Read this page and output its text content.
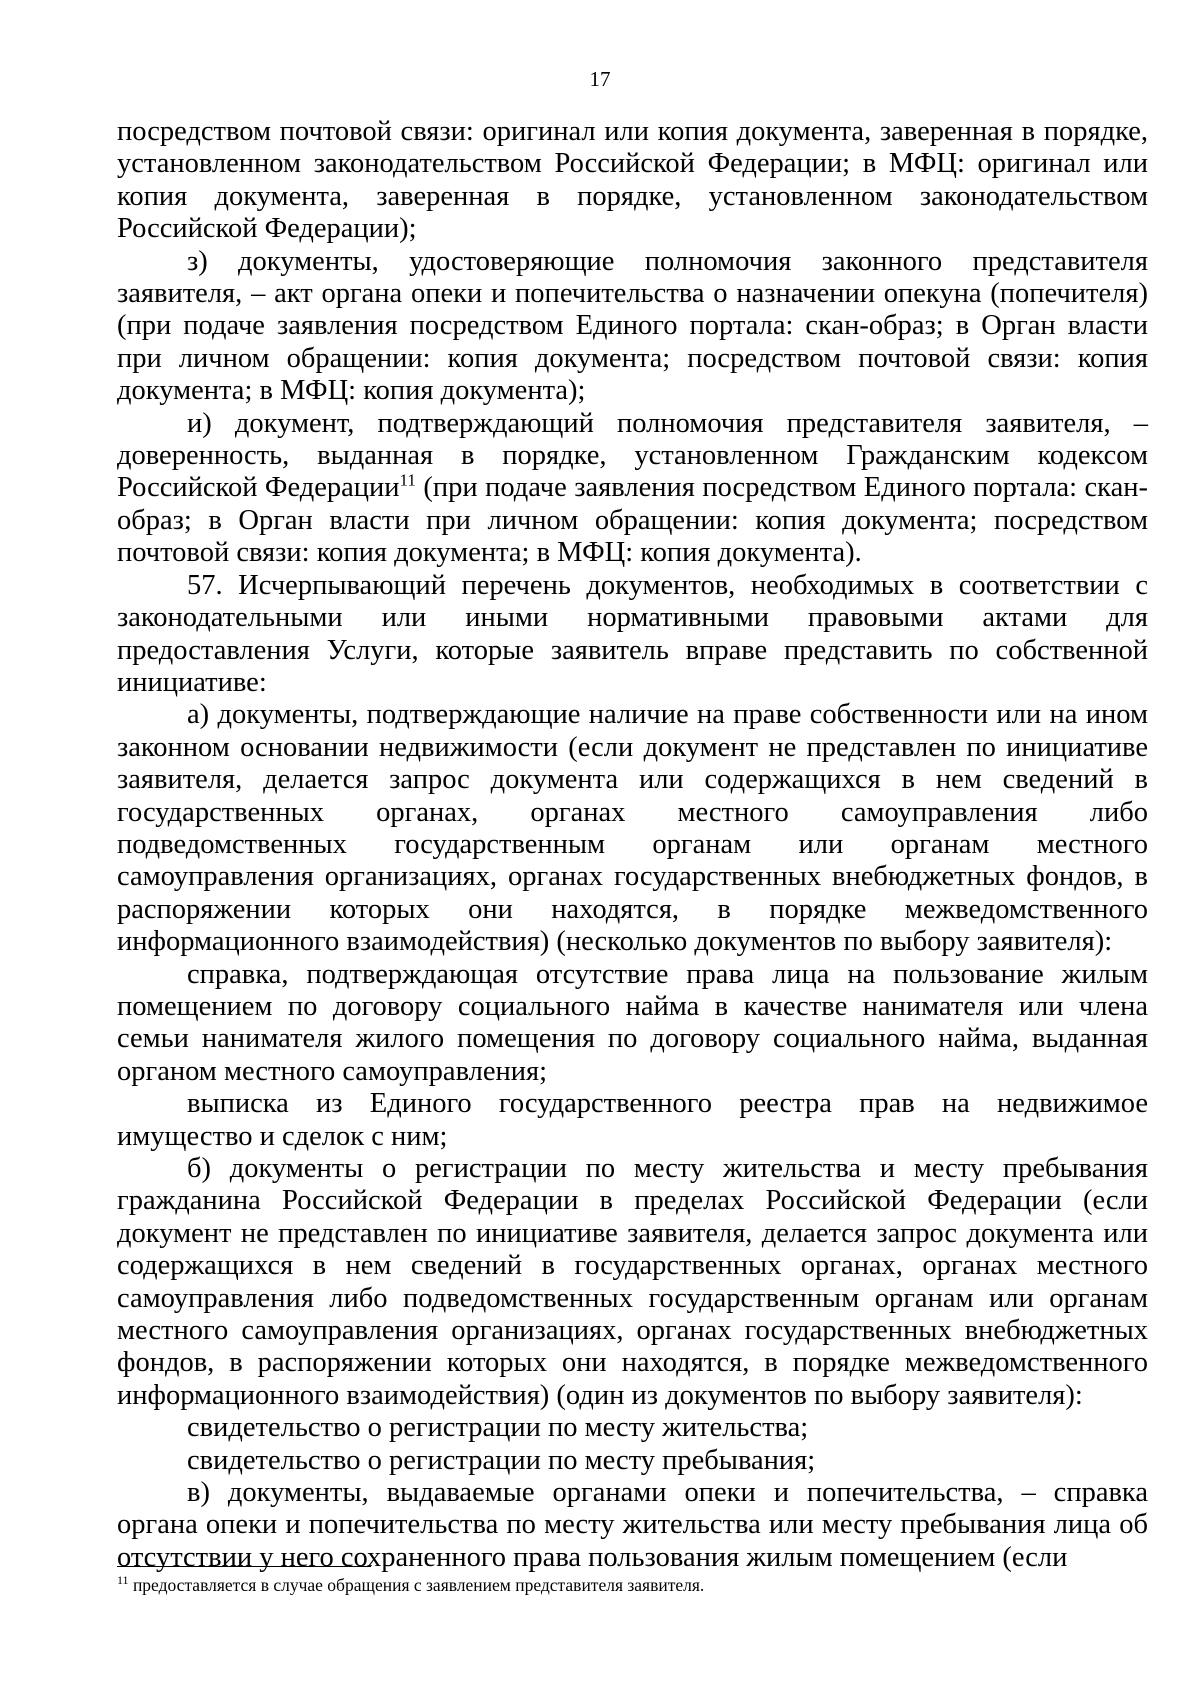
17

посредством почтовой связи: оригинал или копия документа, заверенная в порядке, установленном законодательством Российской Федерации; в МФЦ: оригинал или копия документа, заверенная в порядке, установленном законодательством Российской Федерации);

з) документы, удостоверяющие полномочия законного представителя заявителя, – акт органа опеки и попечительства о назначении опекуна (попечителя) (при подаче заявления посредством Единого портала: скан-образ; в Орган власти при личном обращении: копия документа; посредством почтовой связи: копия документа; в МФЦ: копия документа);

и) документ, подтверждающий полномочия представителя заявителя, – доверенность, выданная в порядке, установленном Гражданским кодексом Российской Федерации$^{11}$ (при подаче заявления посредством Единого портала: скан-образ; в Орган власти при личном обращении: копия документа; посредством почтовой связи: копия документа; в МФЦ: копия документа).

57. Исчерпывающий перечень документов, необходимых в соответствии с законодательными или иными нормативными правовыми актами для предоставления Услуги, которые заявитель вправе представить по собственной инициативе:

а) документы, подтверждающие наличие на праве собственности или на ином законном основании недвижимости (если документ не представлен по инициативе заявителя, делается запрос документа или содержащихся в нем сведений в государственных органах, органах местного самоуправления либо подведомственных государственным органам или органам местного самоуправления организациях, органах государственных внебюджетных фондов, в распоряжении которых они находятся, в порядке межведомственного информационного взаимодействия) (несколько документов по выбору заявителя):

справка, подтверждающая отсутствие права лица на пользование жилым помещением по договору социального найма в качестве нанимателя или члена семьи нанимателя жилого помещения по договору социального найма, выданная органом местного самоуправления;

выписка из Единого государственного реестра прав на недвижимое имущество и сделок с ним;

б) документы о регистрации по месту жительства и месту пребывания гражданина Российской Федерации в пределах Российской Федерации (если документ не представлен по инициативе заявителя, делается запрос документа или содержащихся в нем сведений в государственных органах, органах местного самоуправления либо подведомственных государственным органам или органам местного самоуправления организациях, органах государственных внебюджетных фондов, в распоряжении которых они находятся, в порядке межведомственного информационного взаимодействия) (один из документов по выбору заявителя):

свидетельство о регистрации по месту жительства;

свидетельство о регистрации по месту пребывания;

в) документы, выдаваемые органами опеки и попечительства, – справка органа опеки и попечительства по месту жительства или месту пребывания лица об отсутствии у него сохраненного права пользования жилым помещением (если

$^{11}$ предоставляется в случае обращения с заявлением представителя заявителя.
